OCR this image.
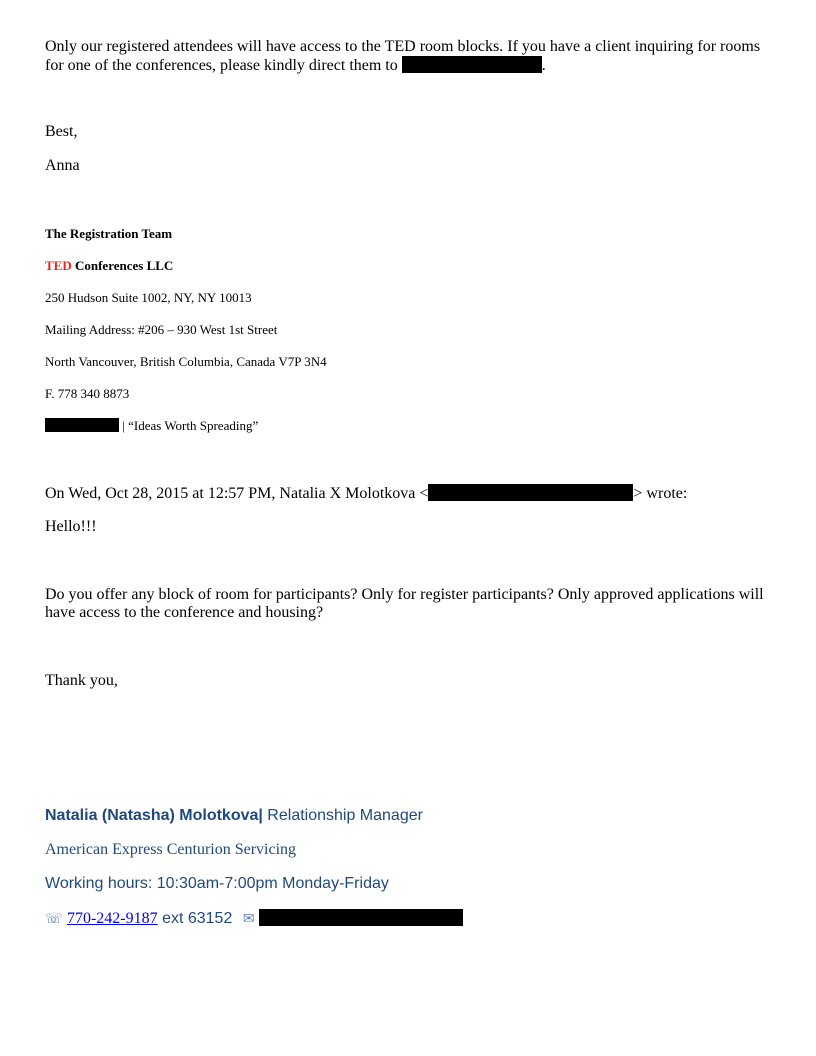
Only our registered attendees will have access to the TED room blocks. If you have a client inquiring for rooms for one of the conferences, please kindly direct them to	.
Best,
Anna
The Registration Team
TED Conferences LLC
250 Hudson Suite 1002, NY, NY 10013
Mailing Address: #206 – 930 West 1st Street
North Vancouver, British Columbia, Canada V7P 3N4
F. 778 340 8873
| “Ideas Worth Spreading”
On Wed, Oct 28, 2015 at 12:57 PM, Natalia X Molotkova <	> wrote:
Hello!!!
Do you offer any block of room for participants? Only for register participants? Only approved applications will have access to the conference and housing?
Thank you,
Natalia (Natasha) Molotkova| Relationship Manager
American Express Centurion Servicing
Working hours: 10:30am-7:00pm Monday-Friday
☏ 770-242-9187 ext 63152 ✉
